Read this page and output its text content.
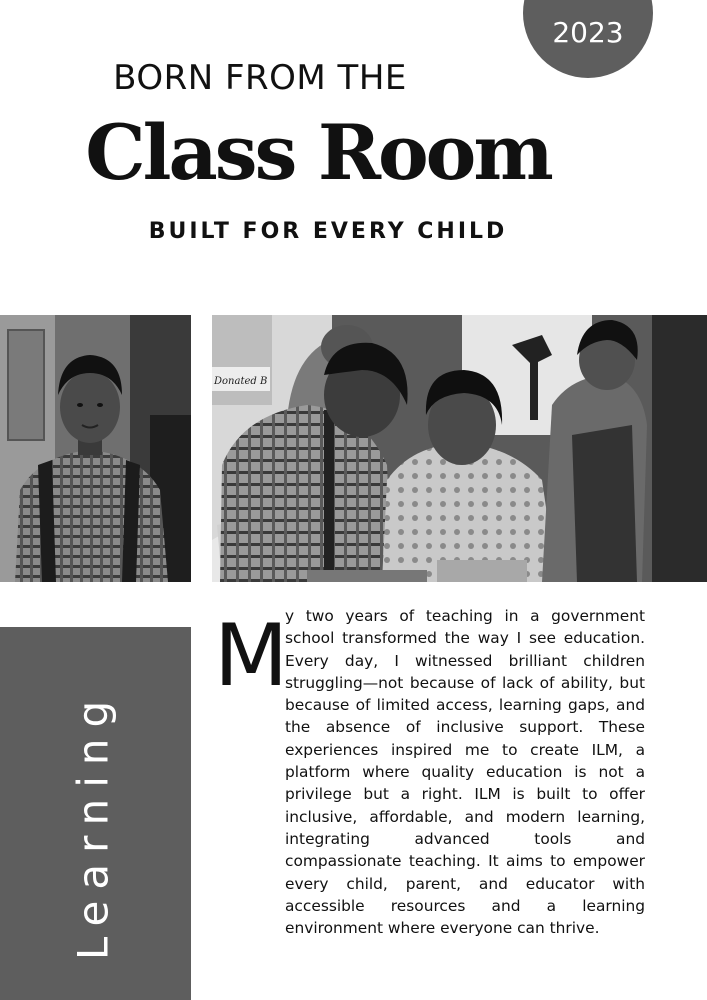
2023
BORN FROM THE
Class Room
BUILT FOR EVERY CHILD
Donated B
Learning
M

y two years of teaching in a government school transformed the way I see education. Every day, I witnessed brilliant children struggling—not because of lack of ability, but because of limited access, learning gaps, and the absence of inclusive support. These experiences inspired me to create ILM, a platform where quality education is not a privilege but a right. ILM is built to offer inclusive, affordable, and modern learning, integrating advanced tools and compassionate teaching. It aims to empower every child, parent, and educator with accessible resources and a learning environment where everyone can thrive.
